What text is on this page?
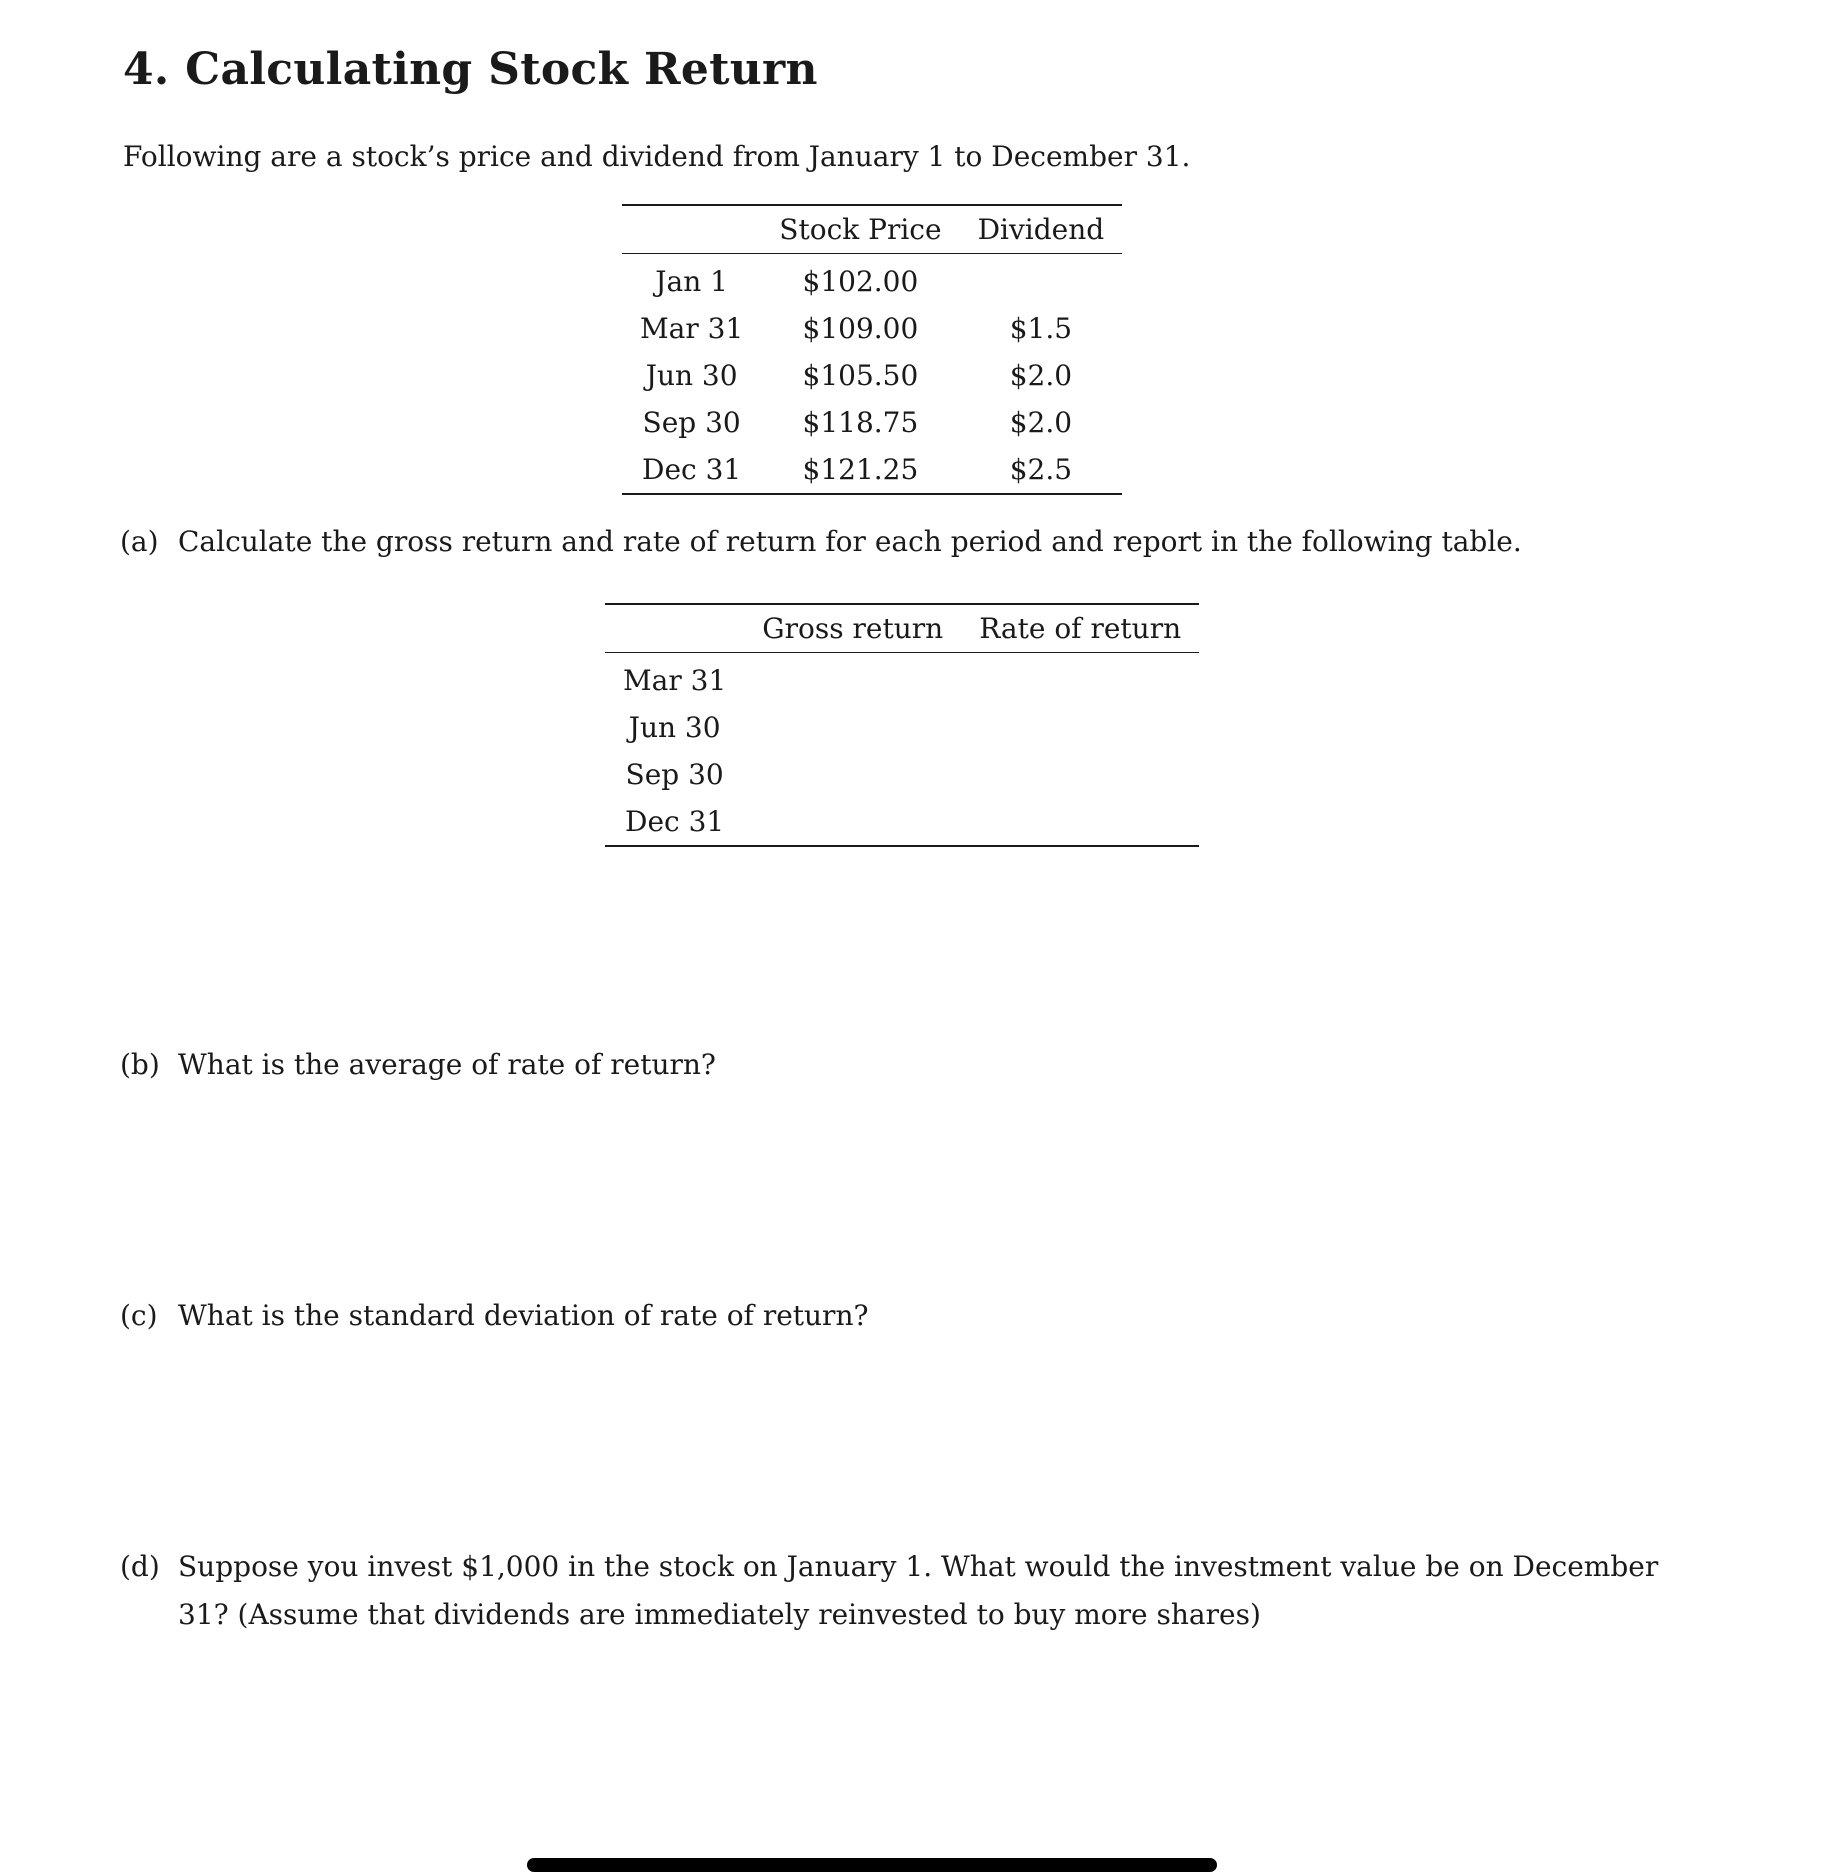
4. Calculating Stock Return

Following are a stock’s price and dividend from January 1 to December 31.

	Stock Price	Dividend
Jan 1	$102.00	
Mar 31	$109.00	$1.5
Jun 30	$105.50	$2.0
Sep 30	$118.75	$2.0
Dec 31	$121.25	$2.5

(a) Calculate the gross return and rate of return for each period and report in the following table.

	Gross return	Rate of return
Mar 31		
Jun 30		
Sep 30		
Dec 31		

(b) What is the average of rate of return?

(c) What is the standard deviation of rate of return?

(d) Suppose you invest $1,000 in the stock on January 1. What would the investment value be on December
31? (Assume that dividends are immediately reinvested to buy more shares)
